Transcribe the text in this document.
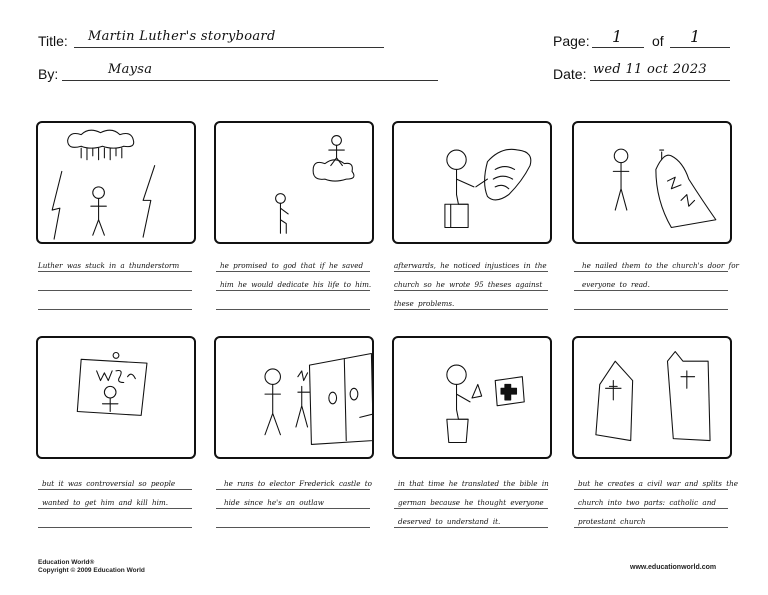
Title: Martin Luther's storyboard
By:	Maysa
Page: 1 of 1
Date: wed 11 oct 2023
Luther was stuck in a thunderstorm	he promised to god that if he saved him he would dedicate his life to him.
afterwards, he noticed injustices in the church so he wrote 95 theses against these problems.
he nailed them to the church's door for everyone to read.
but it was controversial so people wanted to get him and kill him.
he runs to elector Frederick castle to hide since he's an outlaw
in that time he translated the bible in german because he thought everyone deserved to understand it.
but he creates a civil war and splits the church into two parts: catholic and protestant church
Education World®
Copyright © 2009 Education World	www.educationworld.com
